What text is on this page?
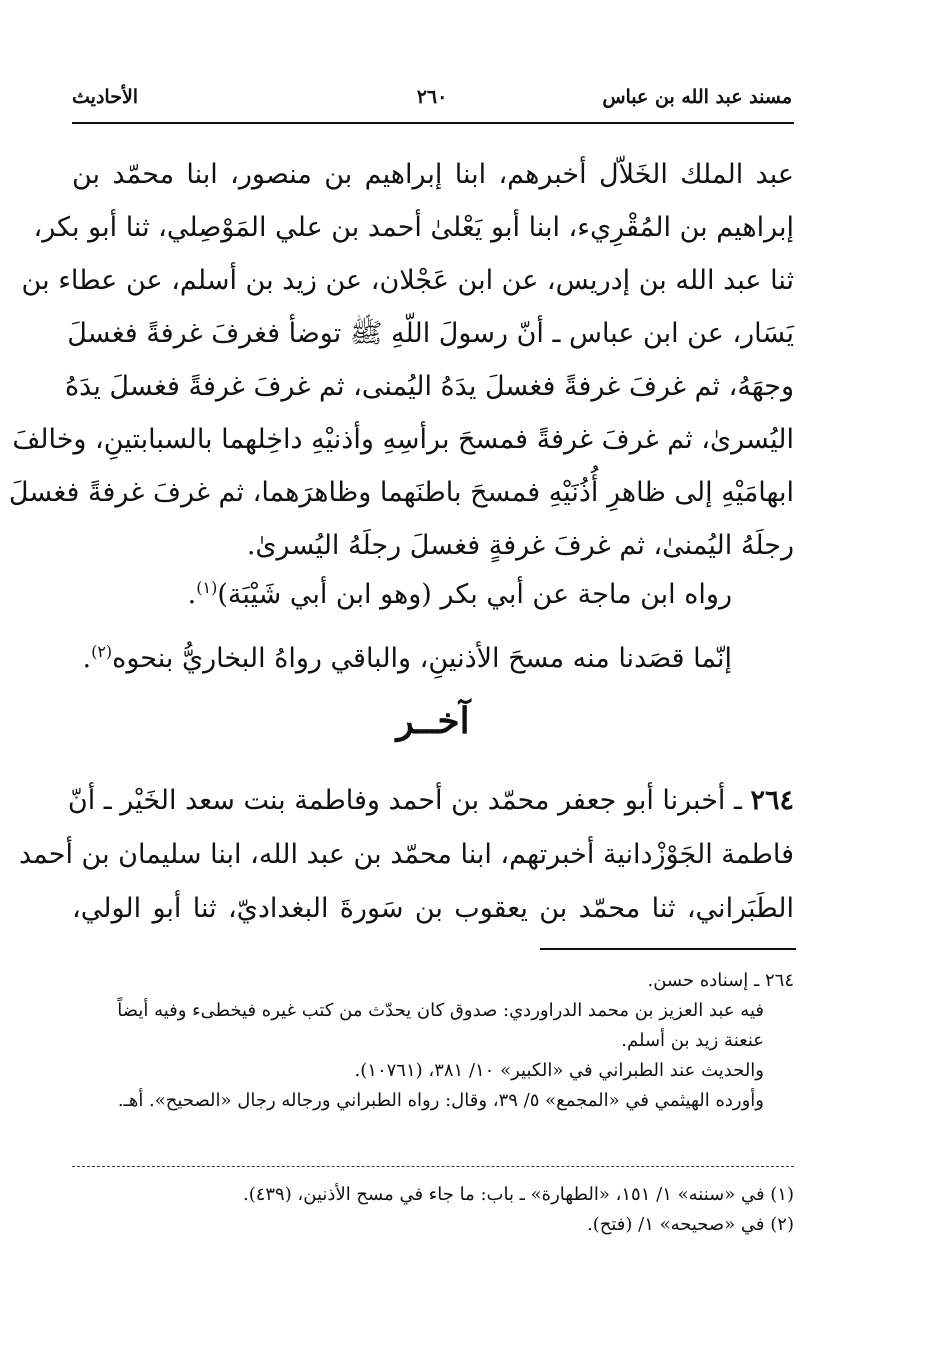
مسند عبد الله بن عباس
٢٦٠
الأحاديث
عبد الملك الخَلاّل أخبرهم، ابنا إبراهيم بن منصور، ابنا محمّد بن
إبراهيم بن المُقْرِيء، ابنا أبو يَعْلىٰ أحمد بن علي المَوْصِلي، ثنا أبو بكر،
ثنا عبد الله بن إدريس، عن ابن عَجْلان، عن زيد بن أسلم، عن عطاء بن
يَسَار، عن ابن عباس ـ أنّ رسولَ اللّهِ ﷺ توضأ فغرفَ غرفةً فغسلَ
وجهَهُ، ثم غرفَ غرفةً فغسلَ يدَهُ اليُمنى، ثم غرفَ غرفةً فغسلَ يدَهُ
اليُسرىٰ، ثم غرفَ غرفةً فمسحَ برأسِهِ وأذنيْهِ داخِلهما بالسبابتينِ، وخالفَ
ابهامَيْهِ إلى ظاهرِ أُذُنَيْهِ فمسحَ باطنَهما وظاهرَهما، ثم غرفَ غرفةً فغسلَ
رجلَهُ اليُمنىٰ، ثم غرفَ غرفةٍ فغسلَ رجلَهُ اليُسرىٰ.
رواه ابن ماجة عن أبي بكر (وهو ابن أبي شَيْبَة)$^{(١)}$.
إنّما قصَدنا منه مسحَ الأذنينِ، والباقي رواهُ البخاريُّ بنحوه$^{(٢)}$.
آخــر
٢٦٤ ـ أخبرنا أبو جعفر محمّد بن أحمد وفاطمة بنت سعد الخَيْر ـ أنّ
فاطمة الجَوْزْدانية أخبرتهم، ابنا محمّد بن عبد الله، ابنا سليمان بن أحمد
الطَبَراني، ثنا محمّد بن يعقوب بن سَورةَ البغداديّ، ثنا أبو الولي،
٢٦٤ ـ إسناده حسن.
فيه عبد العزيز بن محمد الدراوردي: صدوق كان يحدّث من كتب غيره فيخطىء وفيه أيضاً
عنعنة زيد بن أسلم.
والحديث عند الطبراني في «الكبير» ١٠/ ٣٨١، (١٠٧٦١).
وأورده الهيثمي في «المجمع» ٥/ ٣٩، وقال: رواه الطبراني ورجاله رجال «الصحيح». أهـ.
(١) في «سننه» ١/ ١٥١، «الطهارة» ـ باب: ما جاء في مسح الأذنين، (٤٣٩).
(٢) في «صحيحه» ١/ (فتح).
